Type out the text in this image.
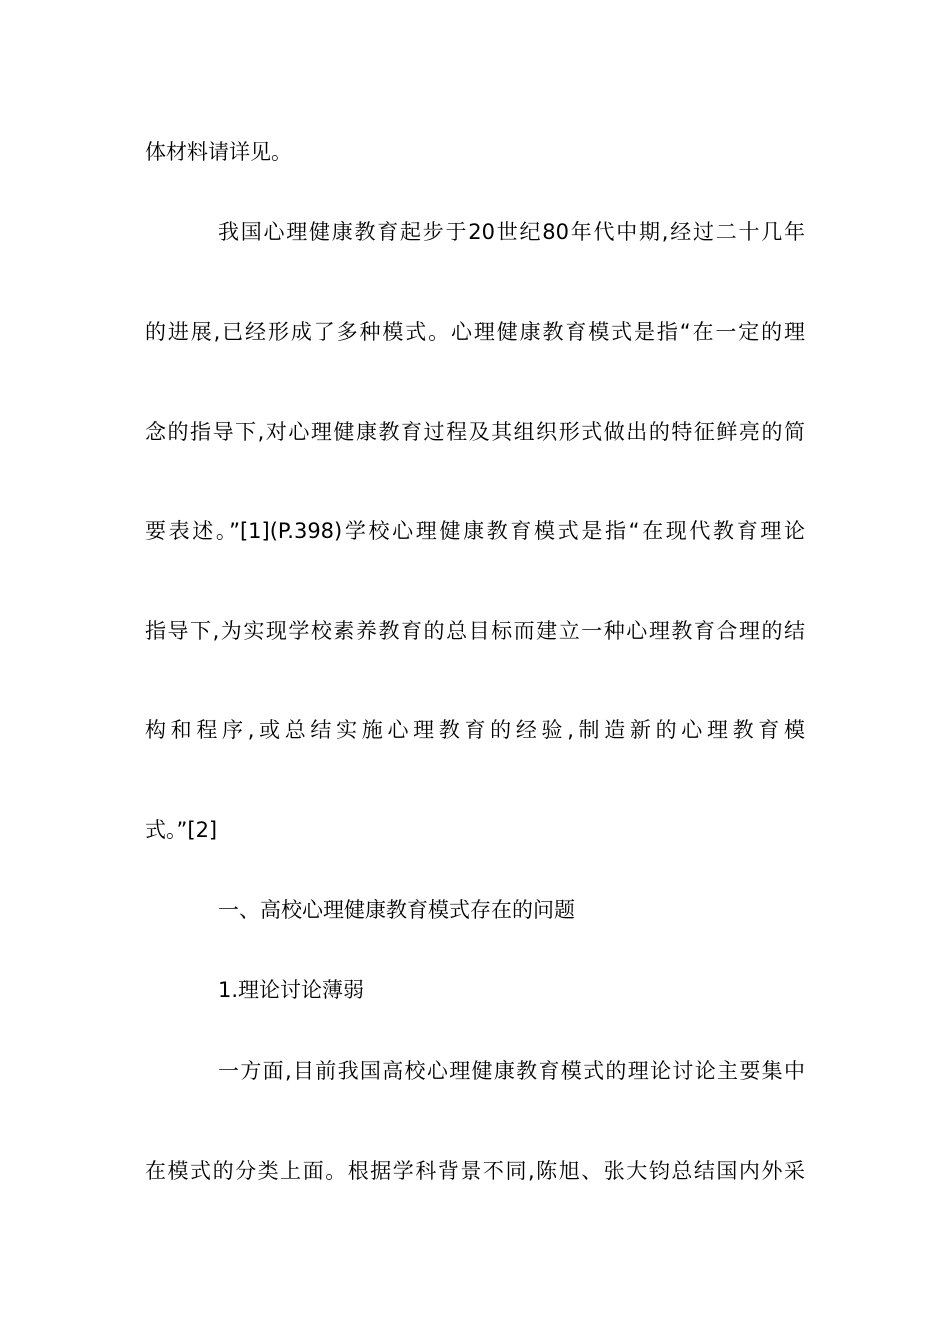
体材料请详见。
我国心理健康教育起步于20世纪80年代中期,经过二十几年
的进展,已经形成了多种模式。心理健康教育模式是指“在一定的理
念的指导下,对心理健康教育过程及其组织形式做出的特征鲜亮的简
要表述。”[1](P.398)学校心理健康教育模式是指“在现代教育理论
指导下,为实现学校素养教育的总目标而建立一种心理教育合理的结
构和程序,或总结实施心理教育的经验,制造新的心理教育模
式。”[2]
一、高校心理健康教育模式存在的问题
1.理论讨论薄弱
一方面,目前我国高校心理健康教育模式的理论讨论主要集中
在模式的分类上面。根据学科背景不同,陈旭、张大钧总结国内外采
